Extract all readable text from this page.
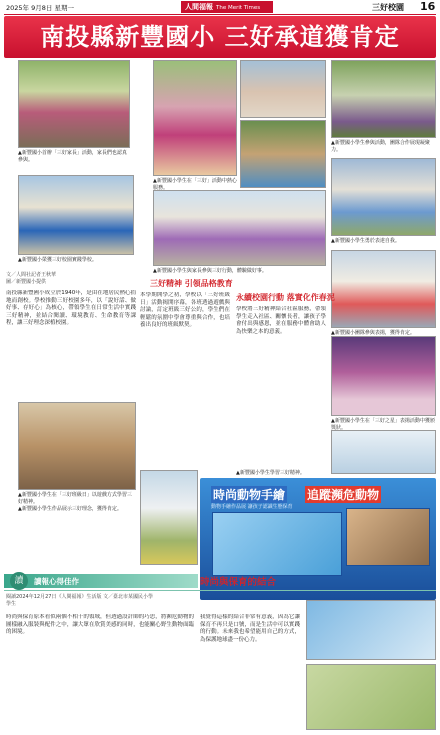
2025年 9月8日 星期一	人間福報 The Merit Times	三好校園 16
南投縣新豐國小 三好承道獲肯定
▲新豐國小首辦「三好家長」活動，家長們也認真參與。
▲新豐國小學生參與活動，團隊合作展現凝聚力。
▲新豐國小榮獲三好校園實踐學校。
▲新豐國小學生在「三好」活動中熱心服務。
▲新豐國小學生與家長參與三好行動，體驗做好事。
▲新豐國小學生勇於表達自我。
▲新豐國小團隊參與表揚，獲得肯定。
文／人間社記者王秋華
圖／新豐國小提供
南投縣新豐國小成立於1940年，是由在地居民熱心捐地而創校。學校推動三好校園多年，以「說好話、做好事、存好心」為核心，帶領學生在日常生活中實踐三好精神，並結合閱讀、環境教育、生命教育等課程，讓三好理念深植校園。
三好精神 引領品格教育
本學期開學之初，學校以「三好班級日」活動揭開序幕，各班透過遊戲與討論，訂定班級三好公約，學生們在輕鬆的氛圍中學會尊重與合作，也培養出良好的班級默契。
永續校園行動 落實化作春泥
學校將三好精神結合社區服務，帶領學生走入社區、關懷長者，讓孩子學會付出與感恩，並在服務中體會助人為快樂之本的意義。
▲新豐國小學生在「三好班級日」以遊戲方式學習三好精神。
▲新豐國小學生作品展示三好理念，獲得肯定。
▲新豐國小學生在「三好之星」表揚活動中獲頒獎狀。
▲新豐國小學生學習三好精神。
時尚動物手繪 追蹤瀕危動物
動物手繪作品展 讓孩子認識生態保育
讀	讀報心得佳作	時尚與保育的結合
閱讀2024年12月27日《人間福報》生活版 文／臺北市某國民小學 學生
時尚與保育原本看似兩個不相干的領域，但透過設計師的巧思，將瀕危動物的圖樣融入服裝與配件之中，讓大眾在欣賞美感的同時，也能關心野生動物面臨的困境。
我覺得這樣的結合非常有意義，因為它讓保育不再只是口號，而是生活中可以實踐的行動。未來我也希望能用自己的方式，為保護地球盡一份心力。
